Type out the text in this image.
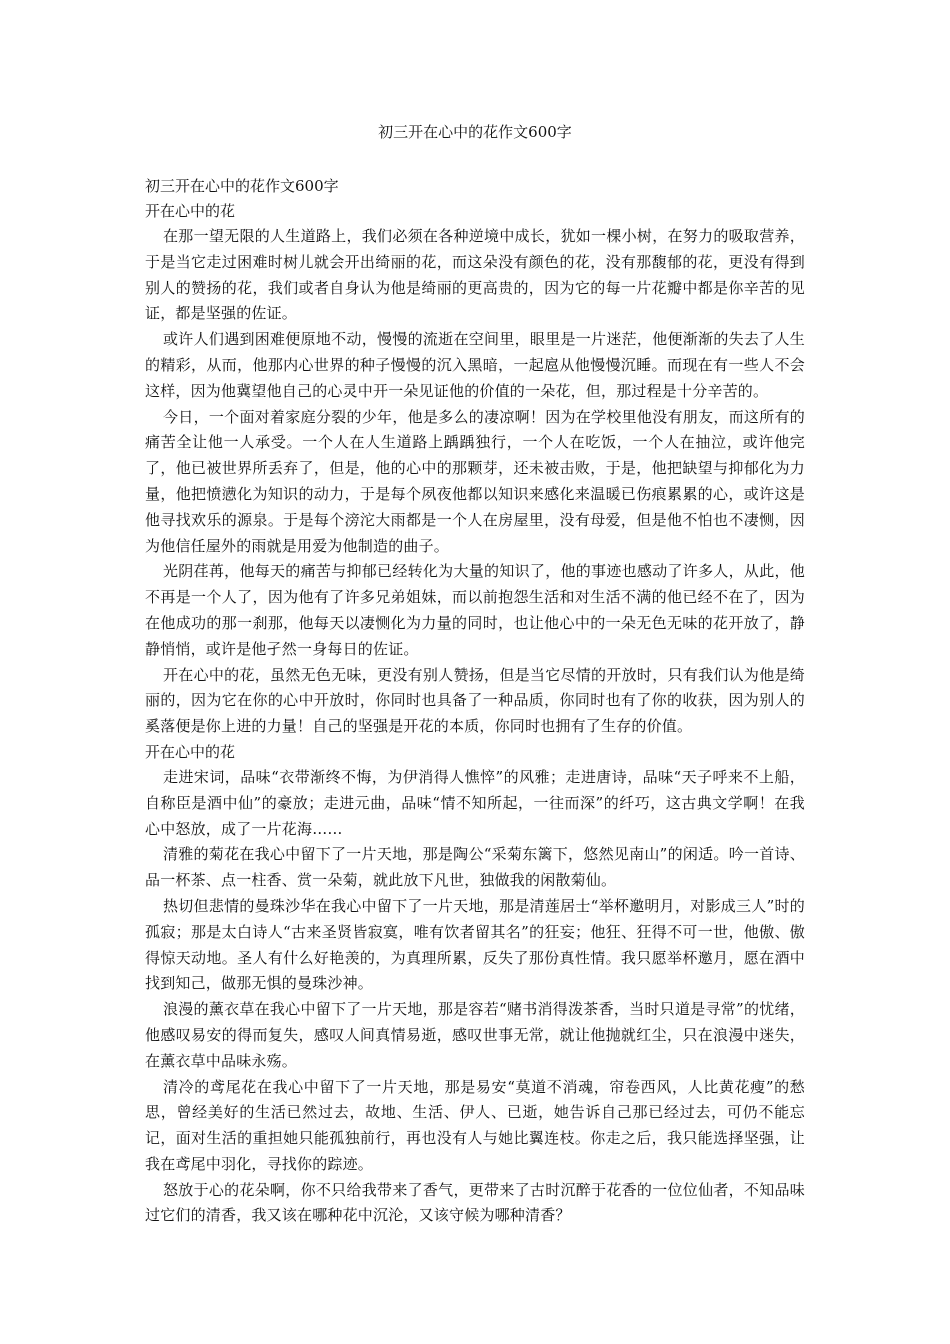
初三开在心中的花作文600字

初三开在心中的花作文600字

开在心中的花

在那一望无限的人生道路上，我们必须在各种逆境中成长，犹如一棵小树，在努力的吸取营养，于是当它走过困难时树儿就会开出绮丽的花，而这朵没有颜色的花，没有那馥郁的花，更没有得到别人的赞扬的花，我们或者自身认为他是绮丽的更高贵的，因为它的每一片花瓣中都是你辛苦的见证，都是坚强的佐证。

或许人们遇到困难便原地不动，慢慢的流逝在空间里，眼里是一片迷茫，他便渐渐的失去了人生的精彩，从而，他那内心世界的种子慢慢的沉入黑暗，一起扈从他慢慢沉睡。而现在有一些人不会这样，因为他冀望他自己的心灵中开一朵见证他的价值的一朵花，但，那过程是十分辛苦的。

今日，一个面对着家庭分裂的少年，他是多么的凄凉啊！因为在学校里他没有朋友，而这所有的痛苦全让他一人承受。一个人在人生道路上踽踽独行，一个人在吃饭，一个人在抽泣，或许他完了，他已被世界所丢弃了，但是，他的心中的那颗芽，还未被击败，于是，他把缺望与抑郁化为力量，他把愤懑化为知识的动力，于是每个夙夜他都以知识来感化来温暖已伤痕累累的心，或许这是他寻找欢乐的源泉。于是每个滂沱大雨都是一个人在房屋里，没有母爱，但是他不怕也不凄恻，因为他信任屋外的雨就是用爱为他制造的曲子。

光阴荏苒，他每天的痛苦与抑郁已经转化为大量的知识了，他的事迹也感动了许多人，从此，他不再是一个人了，因为他有了许多兄弟姐妹，而以前抱怨生活和对生活不满的他已经不在了，因为在他成功的那一刹那，他每天以凄恻化为力量的同时，也让他心中的一朵无色无味的花开放了，静静悄悄，或许是他孑然一身每日的佐证。

开在心中的花，虽然无色无味，更没有别人赞扬，但是当它尽情的开放时，只有我们认为他是绮丽的，因为它在你的心中开放时，你同时也具备了一种品质，你同时也有了你的收获，因为别人的奚落便是你上进的力量！自己的坚强是开花的本质，你同时也拥有了生存的价值。

开在心中的花

走进宋词，品味“衣带渐终不悔，为伊消得人憔悴”的风雅；走进唐诗，品味“天子呼来不上船，自称臣是酒中仙”的豪放；走进元曲，品味“情不知所起，一往而深”的纤巧，这古典文学啊！在我心中怒放，成了一片花海……

清雅的菊花在我心中留下了一片天地，那是陶公“采菊东篱下，悠然见南山”的闲适。吟一首诗、品一杯茶、点一柱香、赏一朵菊，就此放下凡世，独做我的闲散菊仙。

热切但悲情的曼珠沙华在我心中留下了一片天地，那是清莲居士“举杯邀明月，对影成三人”时的孤寂；那是太白诗人“古来圣贤皆寂寞，唯有饮者留其名”的狂妄；他狂、狂得不可一世，他傲、傲得惊天动地。圣人有什么好艳羡的，为真理所累，反失了那份真性情。我只愿举杯邀月，愿在酒中找到知己，做那无惧的曼珠沙神。

浪漫的薰衣草在我心中留下了一片天地，那是容若“赌书消得泼茶香，当时只道是寻常”的忧绪，他感叹易安的得而复失，感叹人间真情易逝，感叹世事无常，就让他抛就红尘，只在浪漫中迷失，在薰衣草中品味永殇。

清冷的鸢尾花在我心中留下了一片天地，那是易安“莫道不消魂，帘卷西风，人比黄花瘦”的愁思，曾经美好的生活已然过去，故地、生活、伊人、已逝，她告诉自己那已经过去，可仍不能忘记，面对生活的重担她只能孤独前行，再也没有人与她比翼连枝。你走之后，我只能选择坚强，让我在鸢尾中羽化，寻找你的踪迹。

怒放于心的花朵啊，你不只给我带来了香气，更带来了古时沉醉于花香的一位位仙者，不知品味过它们的清香，我又该在哪种花中沉沦，又该守候为哪种清香？
